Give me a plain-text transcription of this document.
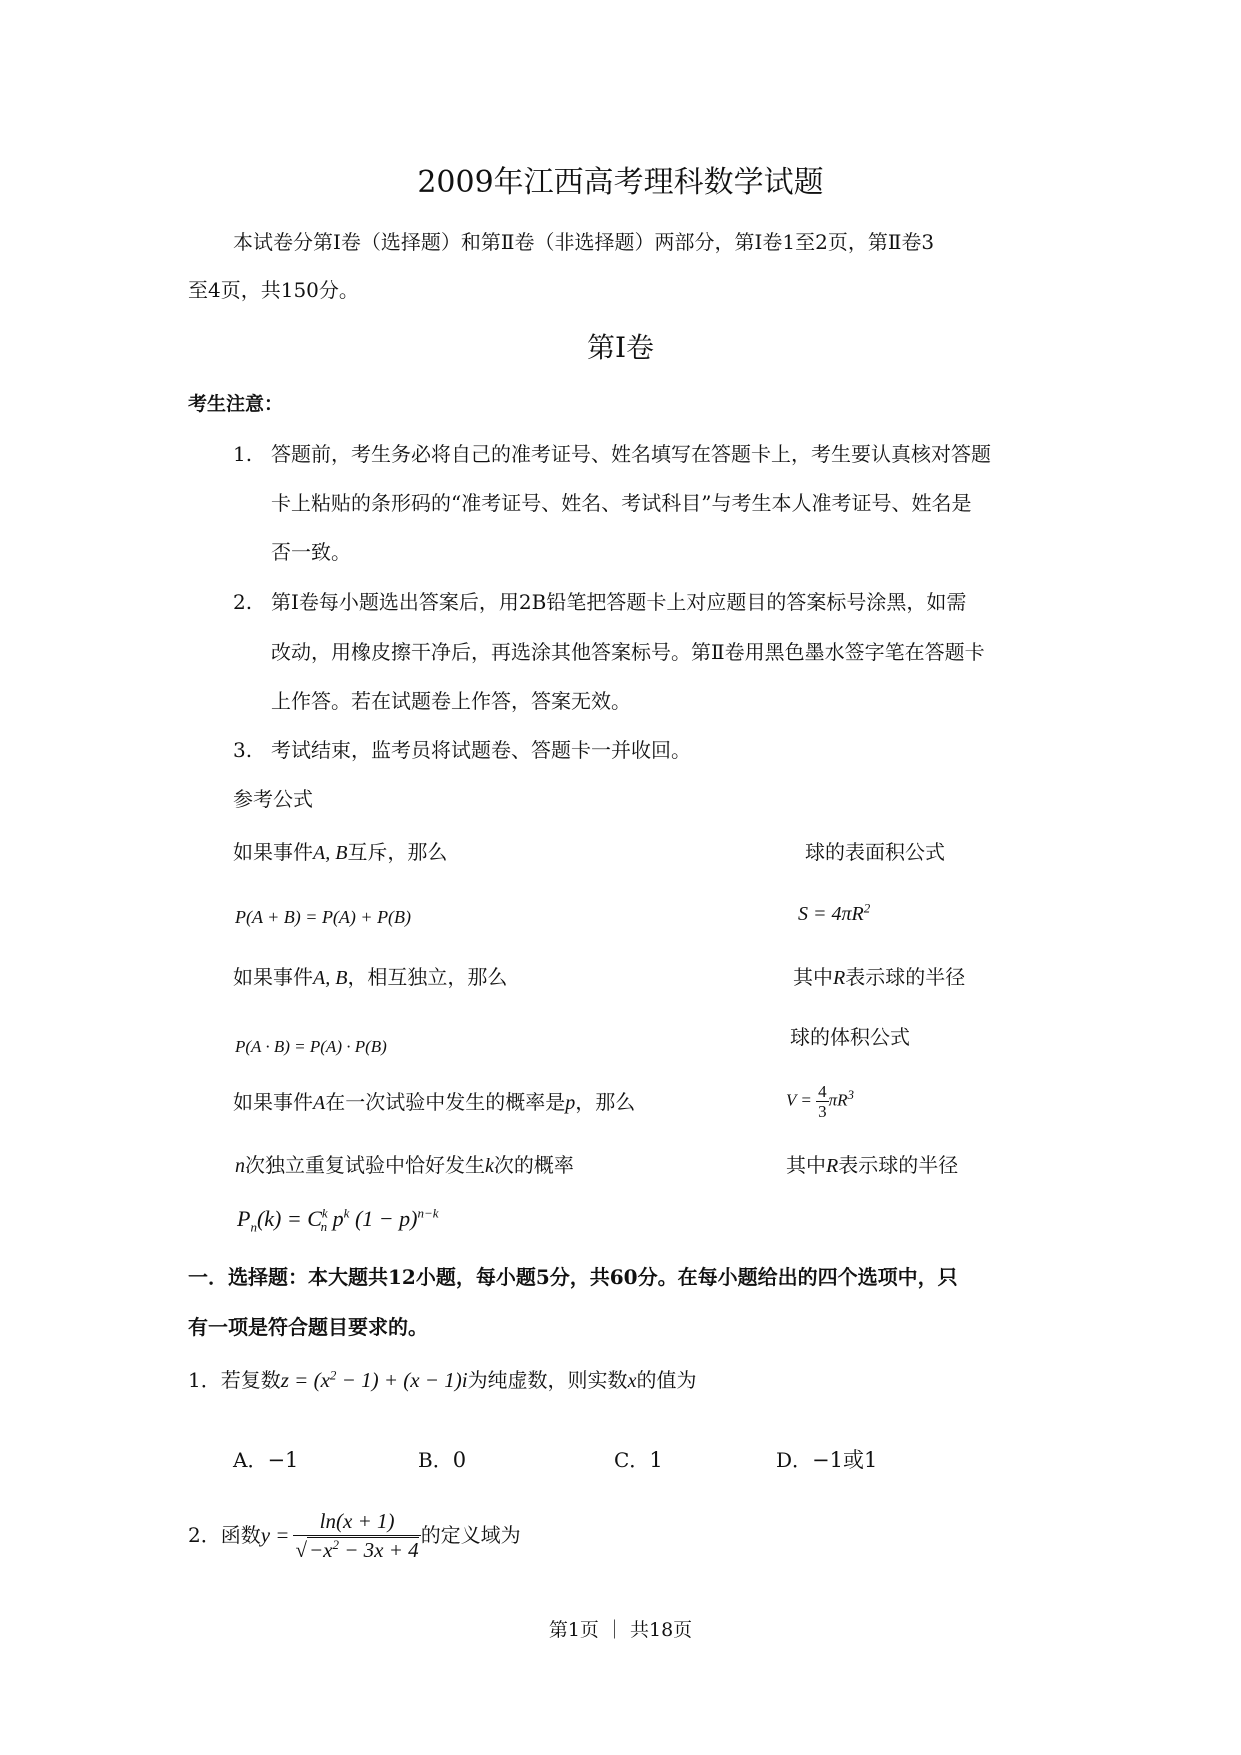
2009年江西高考理科数学试题
本试卷分第Ⅰ卷（选择题）和第Ⅱ卷（非选择题）两部分，第Ⅰ卷1至2页，第Ⅱ卷3
至4页，共150分。
第Ⅰ卷
考生注意：
1. 答题前，考生务必将自己的准考证号、姓名填写在答题卡上，考生要认真核对答题
卡上粘贴的条形码的“准考证号、姓名、考试科目”与考生本人准考证号、姓名是
否一致。
2. 第I卷每小题选出答案后，用2B铅笔把答题卡上对应题目的答案标号涂黑，如需
改动，用橡皮擦干净后，再选涂其他答案标号。第Ⅱ卷用黑色墨水签字笔在答题卡
上作答。若在试题卷上作答，答案无效。
3. 考试结束，监考员将试题卷、答题卡一并收回。
参考公式
如果事件A, B互斥，那么
P(A + B) = P(A) + P(B)
如果事件A, B，相互独立，那么
P(A · B) = P(A) · P(B)
如果事件A在一次试验中发生的概率是p，那么
n次独立重复试验中恰好发生k次的概率
$P_n(k) = C^k_n$ $p^k$ $(1 - p)^{n-k}$
球的表面积公式
$S = 4\pi R^2$
其中R表示球的半径
球的体积公式
$V = \frac{4}{3} \pi R^3$
其中R表示球的半径
一．选择题：本大题共12小题，每小题5分，共60分。在每小题给出的四个选项中，只
有一项是符合题目要求的。
1．若复数$z = (x^2 - 1) + (x - 1)i$为纯虚数，则实数x的值为
A．−1	B．0	C．1	D．−1或1
2．函数 $y = \frac{\ln(x + 1)}{√-x^2 - 3x + 4}$ 的定义域为
第1页 ｜ 共18页
